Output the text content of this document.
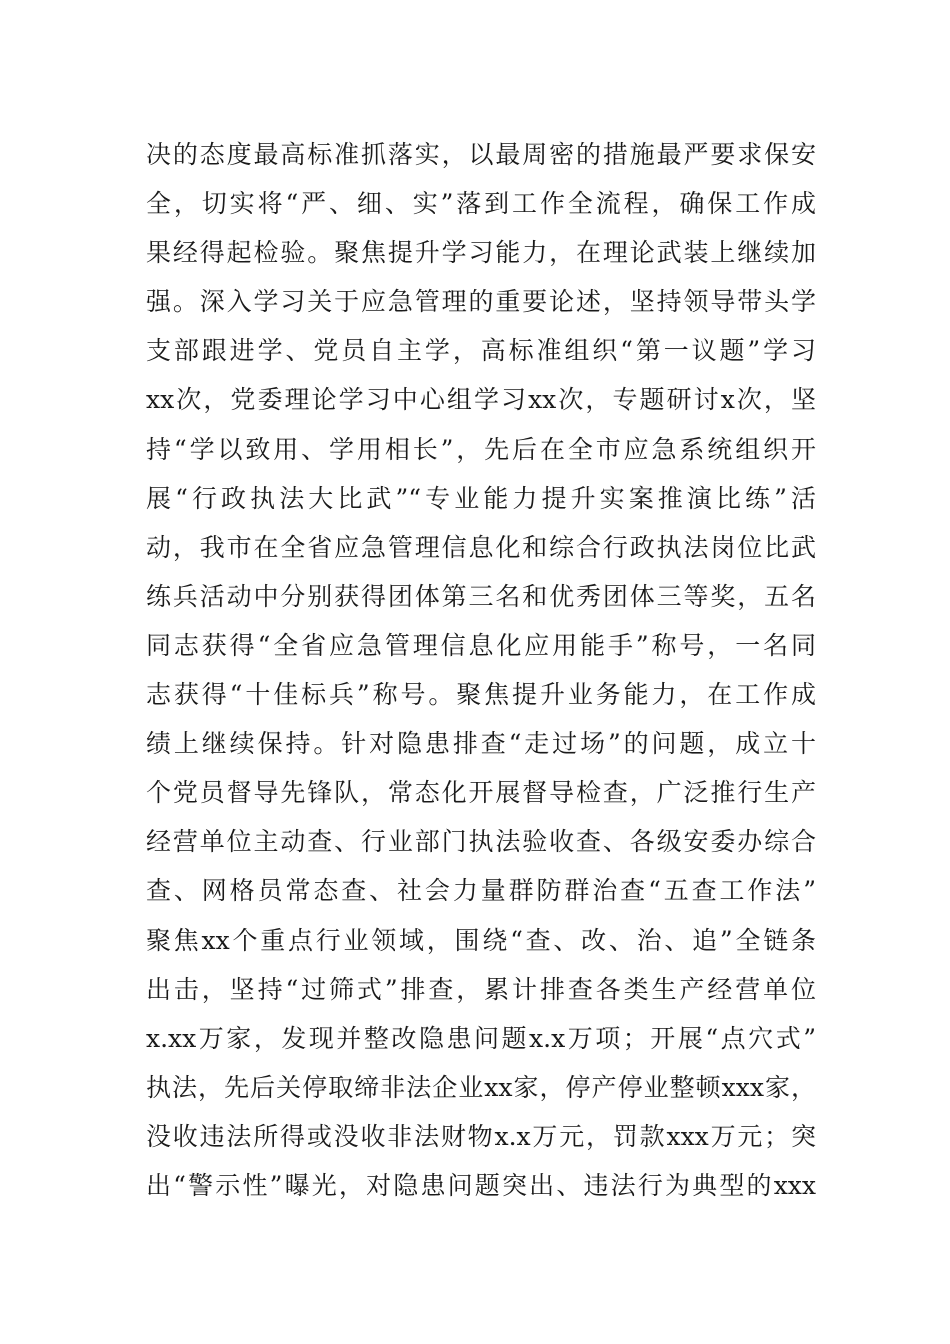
决的态度最高标准抓落实，以最周密的措施最严要求保安
全，切实将“严、细、实”落到工作全流程，确保工作成
果经得起检验。聚焦提升学习能力，在理论武装上继续加
强。深入学习关于应急管理的重要论述，坚持领导带头学
支部跟进学、党员自主学，高标准组织“第一议题”学习
xx次，党委理论学习中心组学习xx次，专题研讨x次，坚
持“学以致用、学用相长”，先后在全市应急系统组织开
展“行政执法大比武”“专业能力提升实案推演比练”活
动，我市在全省应急管理信息化和综合行政执法岗位比武
练兵活动中分别获得团体第三名和优秀团体三等奖，五名
同志获得“全省应急管理信息化应用能手”称号，一名同
志获得“十佳标兵”称号。聚焦提升业务能力，在工作成
绩上继续保持。针对隐患排查“走过场”的问题，成立十
个党员督导先锋队，常态化开展督导检查，广泛推行生产
经营单位主动查、行业部门执法验收查、各级安委办综合
查、网格员常态查、社会力量群防群治查“五查工作法”
聚焦xx个重点行业领域，围绕“查、改、治、追”全链条
出击，坚持“过筛式”排查，累计排查各类生产经营单位
x.xx万家，发现并整改隐患问题x.x万项；开展“点穴式”
执法，先后关停取缔非法企业xx家，停产停业整顿xxx家，
没收违法所得或没收非法财物x.x万元，罚款xxx万元；突
出“警示性”曝光，对隐患问题突出、违法行为典型的xxx
